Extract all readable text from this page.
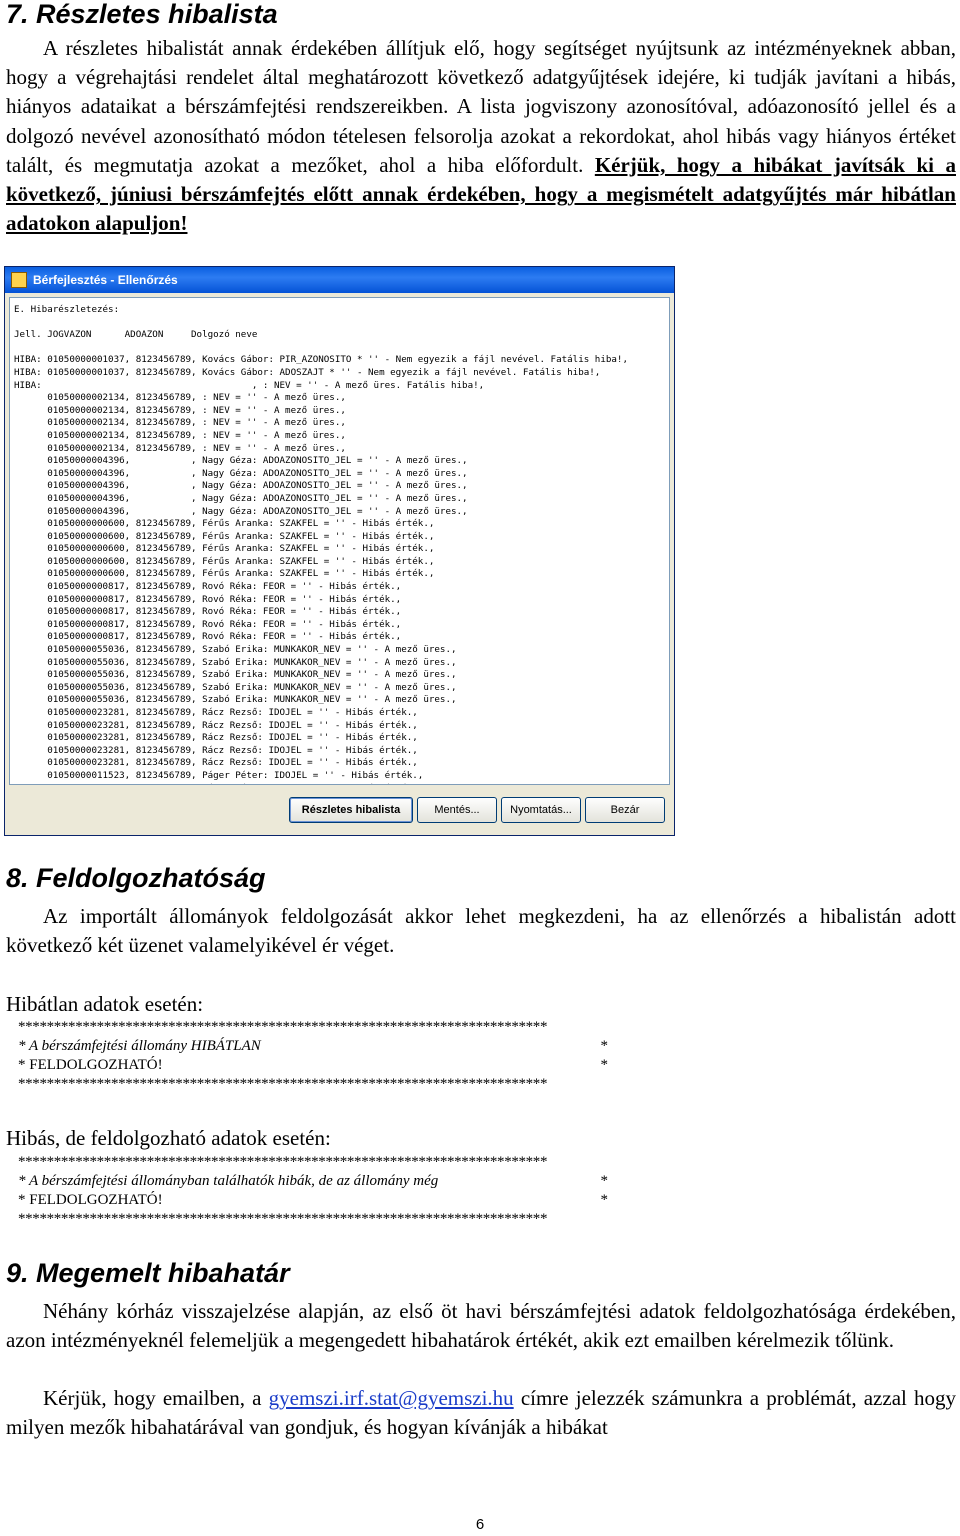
7. Részletes hibalista

A részletes hibalistát annak érdekében állítjuk elő, hogy segítséget nyújtsunk az intézményeknek abban, hogy a végrehajtási rendelet által meghatározott következő adatgyűjtések idejére, ki tudják javítani a hibás, hiányos adataikat a bérszámfejtési rendszereikben. A lista jogviszony azonosítóval, adóazonosító jellel és a dolgozó nevével azonosítható módon tételesen felsorolja azokat a rekordokat, ahol hibás vagy hiányos értéket talált, és megmutatja azokat a mezőket, ahol a hiba előfordult. Kérjük, hogy a hibákat javítsák ki a következő, júniusi bérszámfejtés előtt annak érdekében, hogy a megismételt adatgyűjtés már hibátlan adatokon alapuljon!

Bérfejlesztés - Ellenőrzés
E. Hibarészletezés:
Jell. JOGVAZON      ADOAZON     Dolgozó neve
HIBA: 01050000001037, 8123456789, Kovács Gábor: PIR_AZONOSITO * '' - Nem egyezik a fájl nevével. Fatális hiba!,
HIBA: 01050000001037, 8123456789, Kovács Gábor: ADOSZAJT * '' - Nem egyezik a fájl nevével. Fatális hiba!,
HIBA:                                      , : NEV = '' - A mező üres. Fatális hiba!,
01050000002134, 8123456789, : NEV = '' - A mező üres.,
01050000002134, 8123456789, : NEV = '' - A mező üres.,
01050000002134, 8123456789, : NEV = '' - A mező üres.,
01050000002134, 8123456789, : NEV = '' - A mező üres.,
01050000002134, 8123456789, : NEV = '' - A mező üres.,
01050000004396,           , Nagy Géza: ADOAZONOSITO_JEL = '' - A mező üres.,
01050000004396,           , Nagy Géza: ADOAZONOSITO_JEL = '' - A mező üres.,
01050000004396,           , Nagy Géza: ADOAZONOSITO_JEL = '' - A mező üres.,
01050000004396,           , Nagy Géza: ADOAZONOSITO_JEL = '' - A mező üres.,
01050000004396,           , Nagy Géza: ADOAZONOSITO_JEL = '' - A mező üres.,
01050000000600, 8123456789, Férűs Aranka: SZAKFEL = '' - Hibás érték.,
01050000000600, 8123456789, Férűs Aranka: SZAKFEL = '' - Hibás érték.,
01050000000600, 8123456789, Férűs Aranka: SZAKFEL = '' - Hibás érték.,
01050000000600, 8123456789, Férűs Aranka: SZAKFEL = '' - Hibás érték.,
01050000000600, 8123456789, Férűs Aranka: SZAKFEL = '' - Hibás érték.,
01050000000817, 8123456789, Rovó Réka: FEOR = '' - Hibás érték.,
01050000000817, 8123456789, Rovó Réka: FEOR = '' - Hibás érték.,
01050000000817, 8123456789, Rovó Réka: FEOR = '' - Hibás érték.,
01050000000817, 8123456789, Rovó Réka: FEOR = '' - Hibás érték.,
01050000000817, 8123456789, Rovó Réka: FEOR = '' - Hibás érték.,
01050000055036, 8123456789, Szabó Erika: MUNKAKOR_NEV = '' - A mező üres.,
01050000055036, 8123456789, Szabó Erika: MUNKAKOR_NEV = '' - A mező üres.,
01050000055036, 8123456789, Szabó Erika: MUNKAKOR_NEV = '' - A mező üres.,
01050000055036, 8123456789, Szabó Erika: MUNKAKOR_NEV = '' - A mező üres.,
01050000055036, 8123456789, Szabó Erika: MUNKAKOR_NEV = '' - A mező üres.,
01050000023281, 8123456789, Rácz Rezső: IDOJEL = '' - Hibás érték.,
01050000023281, 8123456789, Rácz Rezső: IDOJEL = '' - Hibás érték.,
01050000023281, 8123456789, Rácz Rezső: IDOJEL = '' - Hibás érték.,
01050000023281, 8123456789, Rácz Rezső: IDOJEL = '' - Hibás érték.,
01050000023281, 8123456789, Rácz Rezső: IDOJEL = '' - Hibás érték.,
01050000011523, 8123456789, Páger Péter: IDOJEL = '' - Hibás érték.,
Részletes hibalista	Mentés...	Nyomtatás...	Bezár
8. Feldolgozhatóság

Az importált állományok feldolgozását akkor lehet megkezdeni, ha az ellenőrzés a hibalistán adott következő két üzenet valamelyikével ér véget.

Hibátlan adatok esetén:

**************************************************************************
* A bérszámfejtési állomány HIBÁTLAN	*
* FELDOLGOZHATÓ!	*
**************************************************************************

Hibás, de feldolgozható adatok esetén:

**************************************************************************
* A bérszámfejtési állományban találhatók hibák, de az állomány még	*
* FELDOLGOZHATÓ!	*
**************************************************************************
9. Megemelt hibahatár

Néhány kórház visszajelzése alapján, az első öt havi bérszámfejtési adatok feldolgozhatósága érdekében, azon intézményeknél felemeljük a megengedett hibahatárok értékét, akik ezt emailben kérelmezik tőlünk.

Kérjük, hogy emailben, a gyemszi.irf.stat@gyemszi.hu címre jelezzék számunkra a problémát, azzal hogy milyen mezők hibahatárával van gondjuk, és hogyan kívánják a hibákat

6
